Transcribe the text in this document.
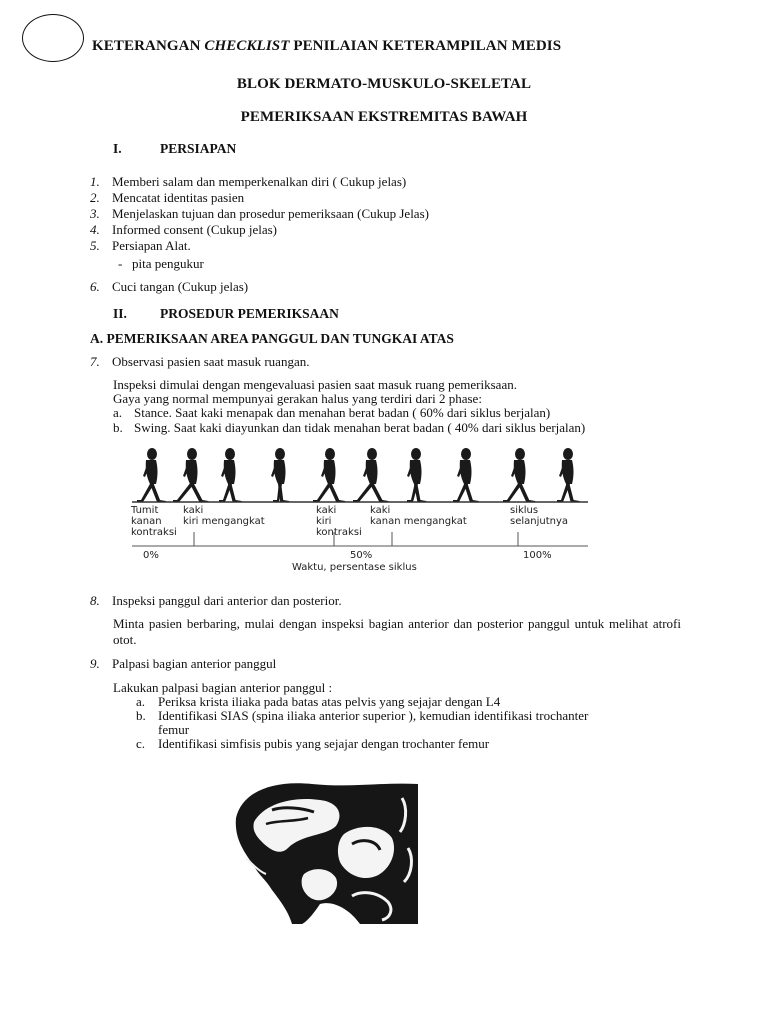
KETERANGAN CHECKLIST PENILAIAN KETERAMPILAN MEDIS
BLOK DERMATO-MUSKULO-SKELETAL
PEMERIKSAAN EKSTREMITAS BAWAH
I.	PERSIAPAN
1. Memberi salam dan memperkenalkan diri ( Cukup jelas)
2. Mencatat identitas pasien
3. Menjelaskan tujuan dan prosedur pemeriksaan (Cukup Jelas)
4. Informed consent (Cukup jelas)
5. Persiapan Alat.
- pita pengukur
6. Cuci tangan (Cukup jelas)
II. PROSEDUR PEMERIKSAAN
A. PEMERIKSAAN AREA PANGGUL DAN TUNGKAI ATAS
7. Observasi pasien saat masuk ruangan.
Inspeksi dimulai dengan mengevaluasi pasien saat masuk ruang pemeriksaan.
Gaya yang normal mempunyai gerakan halus yang terdiri dari 2 phase:
a. Stance. Saat kaki menapak dan menahan berat badan ( 60% dari siklus berjalan)
b. Swing. Saat kaki diayunkan dan tidak menahan berat badan ( 40% dari siklus berjalan)
Tumit
kanan
kontraksi
kaki
kiri mengangkat
kaki
kiri
kontraksi
kaki
kanan mengangkat
siklus
selanjutnya
0%	50%	100%
Waktu, persentase siklus
8. Inspeksi panggul dari anterior dan posterior.
Minta pasien berbaring, mulai dengan inspeksi bagian anterior dan posterior panggul untuk melihat atrofi otot.
9. Palpasi bagian anterior panggul
Lakukan palpasi bagian anterior panggul :
a. Periksa krista iliaka pada batas atas pelvis yang sejajar dengan L4
b. Identifikasi SIAS (spina iliaka anterior superior ), kemudian identifikasi trochanter
femur
c. Identifikasi simfisis pubis yang sejajar dengan trochanter femur
